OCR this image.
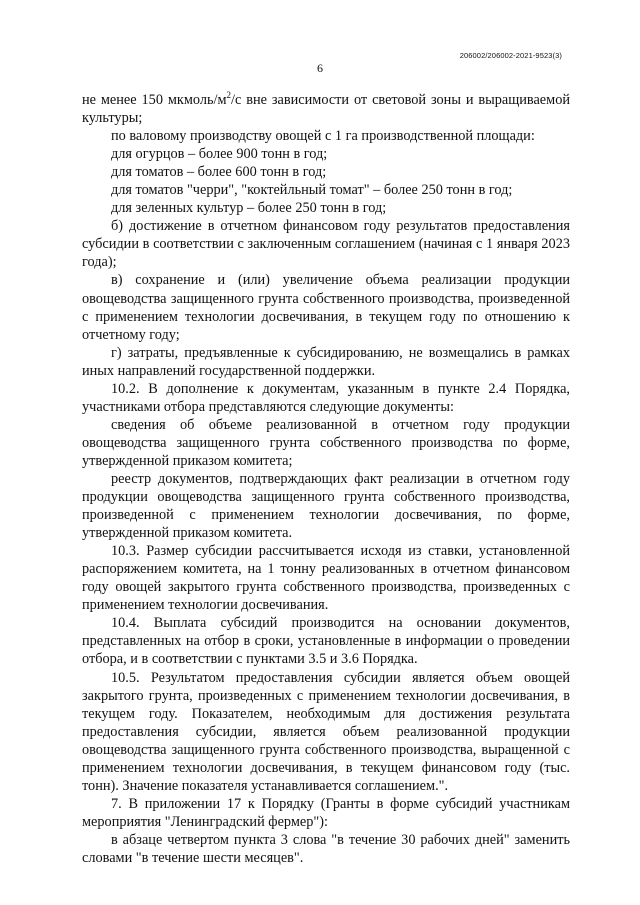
6
206002/206002-2021-9523(3)

не менее 150 мкмоль/$м^2/с$ вне зависимости от световой зоны и выращиваемой культуры;

по валовому производству овощей с 1 га производственной площади:

для огурцов – более 900 тонн в год;

для томатов – более 600 тонн в год;

для томатов "черри", "коктейльный томат" – более 250 тонн в год;

для зеленных культур – более 250 тонн в год;

б) достижение в отчетном финансовом году результатов предоставления субсидии в соответствии с заключенным соглашением (начиная с 1 января 2023 года);

в) сохранение и (или) увеличение объема реализации продукции овощеводства защищенного грунта собственного производства, произведенной с применением технологии досвечивания, в текущем году по отношению к отчетному году;

г) затраты, предъявленные к субсидированию, не возмещались в рамках иных направлений государственной поддержки.

10.2. В дополнение к документам, указанным в пункте 2.4 Порядка, участниками отбора представляются следующие документы:

сведения об объеме реализованной в отчетном году продукции овощеводства защищенного грунта собственного производства по форме, утвержденной приказом комитета;

реестр документов, подтверждающих факт реализации в отчетном году продукции овощеводства защищенного грунта собственного производства, произведенной с применением технологии досвечивания, по форме, утвержденной приказом комитета.

10.3. Размер субсидии рассчитывается исходя из ставки, установленной распоряжением комитета, на 1 тонну реализованных в отчетном финансовом году овощей закрытого грунта собственного производства, произведенных с применением технологии досвечивания.

10.4. Выплата субсидий производится на основании документов, представленных на отбор в сроки, установленные в информации о проведении отбора, и в соответствии с пунктами 3.5 и 3.6 Порядка.

10.5. Результатом предоставления субсидии является объем овощей закрытого грунта, произведенных с применением технологии досвечивания, в текущем году. Показателем, необходимым для достижения результата предоставления субсидии, является объем реализованной продукции овощеводства защищенного грунта собственного производства, выращенной с применением технологии досвечивания, в текущем финансовом году (тыс. тонн). Значение показателя устанавливается соглашением.".

7. В приложении 17 к Порядку (Гранты в форме субсидий участникам мероприятия "Ленинградский фермер"):

в абзаце четвертом пункта 3 слова "в течение 30 рабочих дней" заменить словами "в течение шести месяцев".
